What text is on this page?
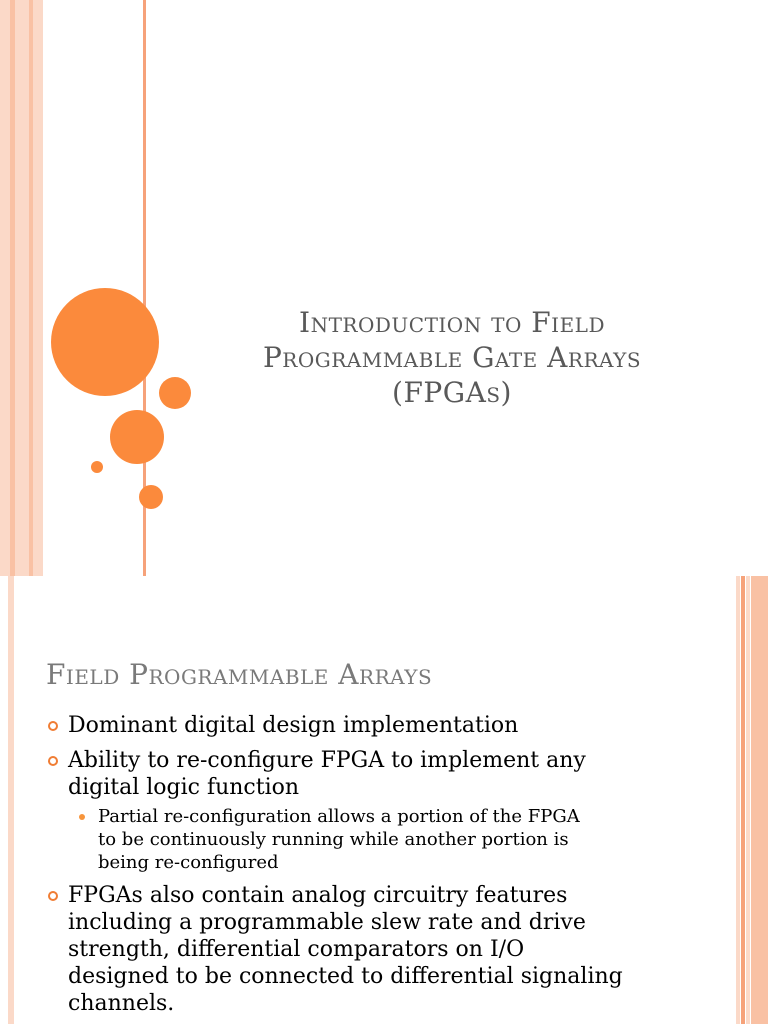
Introduction to Field
Programmable Gate Arrays
(FPGAs)
Field Programmable Arrays
Dominant digital design implementation
Ability to re-configure FPGA to implement any
digital logic function
Partial re-configuration allows a portion of the FPGA
to be continuously running while another portion is
being re-configured
FPGAs also contain analog circuitry features
including a programmable slew rate and drive
strength, differential comparators on I/O
designed to be connected to differential signaling
channels.
